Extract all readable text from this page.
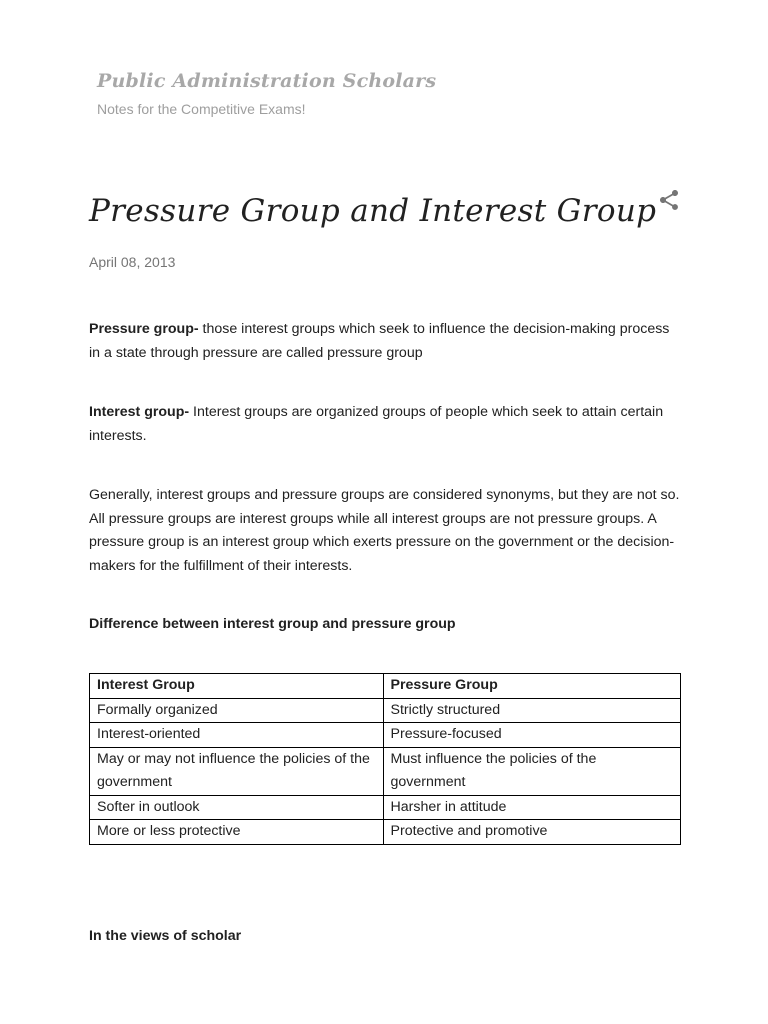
Public Administration Scholars
Notes for the Competitive Exams!
Pressure Group and Interest Group
April 08, 2013

Pressure group- those interest groups which seek to influence the decision-making process in a state through pressure are called pressure group

Interest group- Interest groups are organized groups of people which seek to attain certain interests.

Generally, interest groups and pressure groups are considered synonyms, but they are not so. All pressure groups are interest groups while all interest groups are not pressure groups. A pressure group is an interest group which exerts pressure on the government or the decision-makers for the fulfillment of their interests.

Difference between interest group and pressure group

Interest Group	Pressure Group
Formally organized	Strictly structured
Interest-oriented	Pressure-focused
May or may not influence the policies of the government	Must influence the policies of the government
Softer in outlook	Harsher in attitude
More or less protective	Protective and promotive
In the views of scholar
